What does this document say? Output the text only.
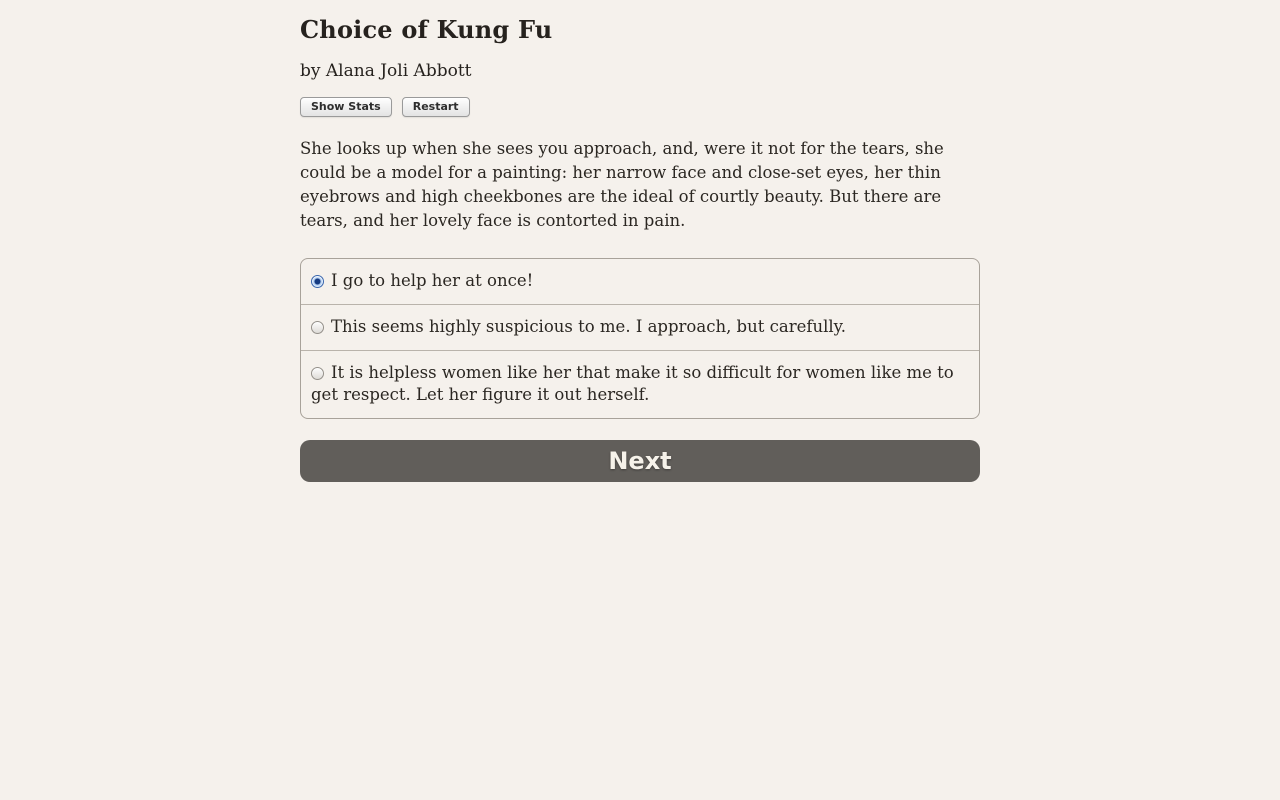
Choice of Kung Fu
by Alana Joli Abbott
Show Stats	Restart

She looks up when she sees you approach, and, were it not for the tears, she could be a model for a painting: her narrow face and close-set eyes, her thin eyebrows and high cheekbones are the ideal of courtly beauty. But there are tears, and her lovely face is contorted in pain.

I go to help her at once!
This seems highly suspicious to me. I approach, but carefully.
It is helpless women like her that make it so difficult for women like me to get respect. Let her figure it out herself.
Next
